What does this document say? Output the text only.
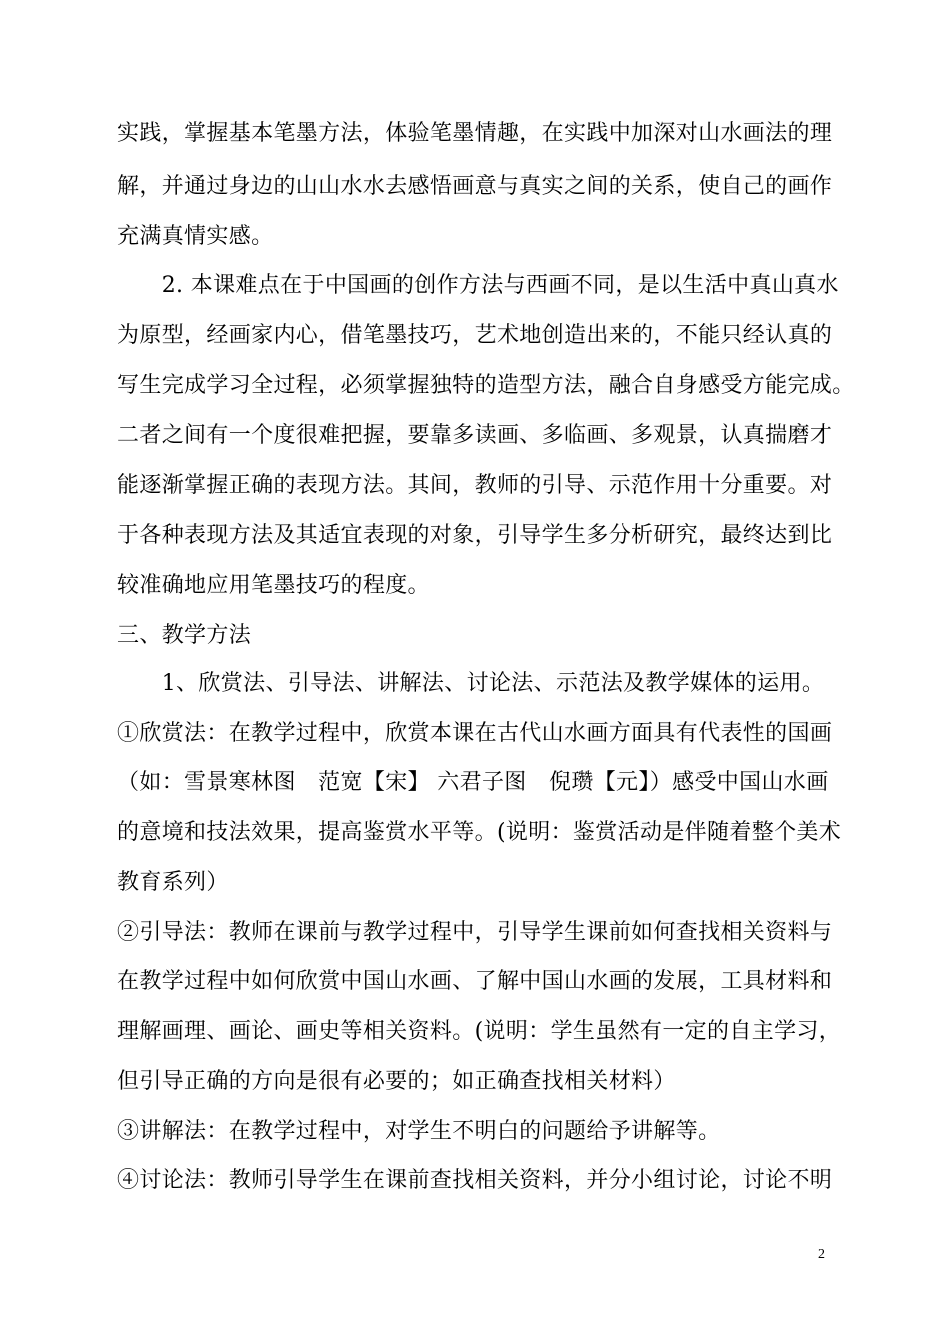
实践，掌握基本笔墨方法，体验笔墨情趣，在实践中加深对山水画法的理
解，并通过身边的山山水水去感悟画意与真实之间的关系，使自己的画作
充满真情实感。
　　2. 本课难点在于中国画的创作方法与西画不同，是以生活中真山真水
为原型，经画家内心，借笔墨技巧，艺术地创造出来的，不能只经认真的
写生完成学习全过程，必须掌握独特的造型方法，融合自身感受方能完成。
二者之间有一个度很难把握，要靠多读画、多临画、多观景，认真揣磨才
能逐渐掌握正确的表现方法。其间，教师的引导、示范作用十分重要。对
于各种表现方法及其适宜表现的对象，引导学生多分析研究，最终达到比
较准确地应用笔墨技巧的程度。
三、教学方法
　　1、欣赏法、引导法、讲解法、讨论法、示范法及教学媒体的运用。
①欣赏法：在教学过程中，欣赏本课在古代山水画方面具有代表性的国画
（如：雪景寒林图　范宽【宋】 六君子图　倪瓒【元】）感受中国山水画
的意境和技法效果，提高鉴赏水平等。(说明：鉴赏活动是伴随着整个美术
教育系列）
②引导法：教师在课前与教学过程中，引导学生课前如何查找相关资料与
在教学过程中如何欣赏中国山水画、了解中国山水画的发展，工具材料和
理解画理、画论、画史等相关资料。(说明：学生虽然有一定的自主学习，
但引导正确的方向是很有必要的；如正确查找相关材料）
③讲解法：在教学过程中，对学生不明白的问题给予讲解等。
④讨论法：教师引导学生在课前查找相关资料，并分小组讨论，讨论不明
2
